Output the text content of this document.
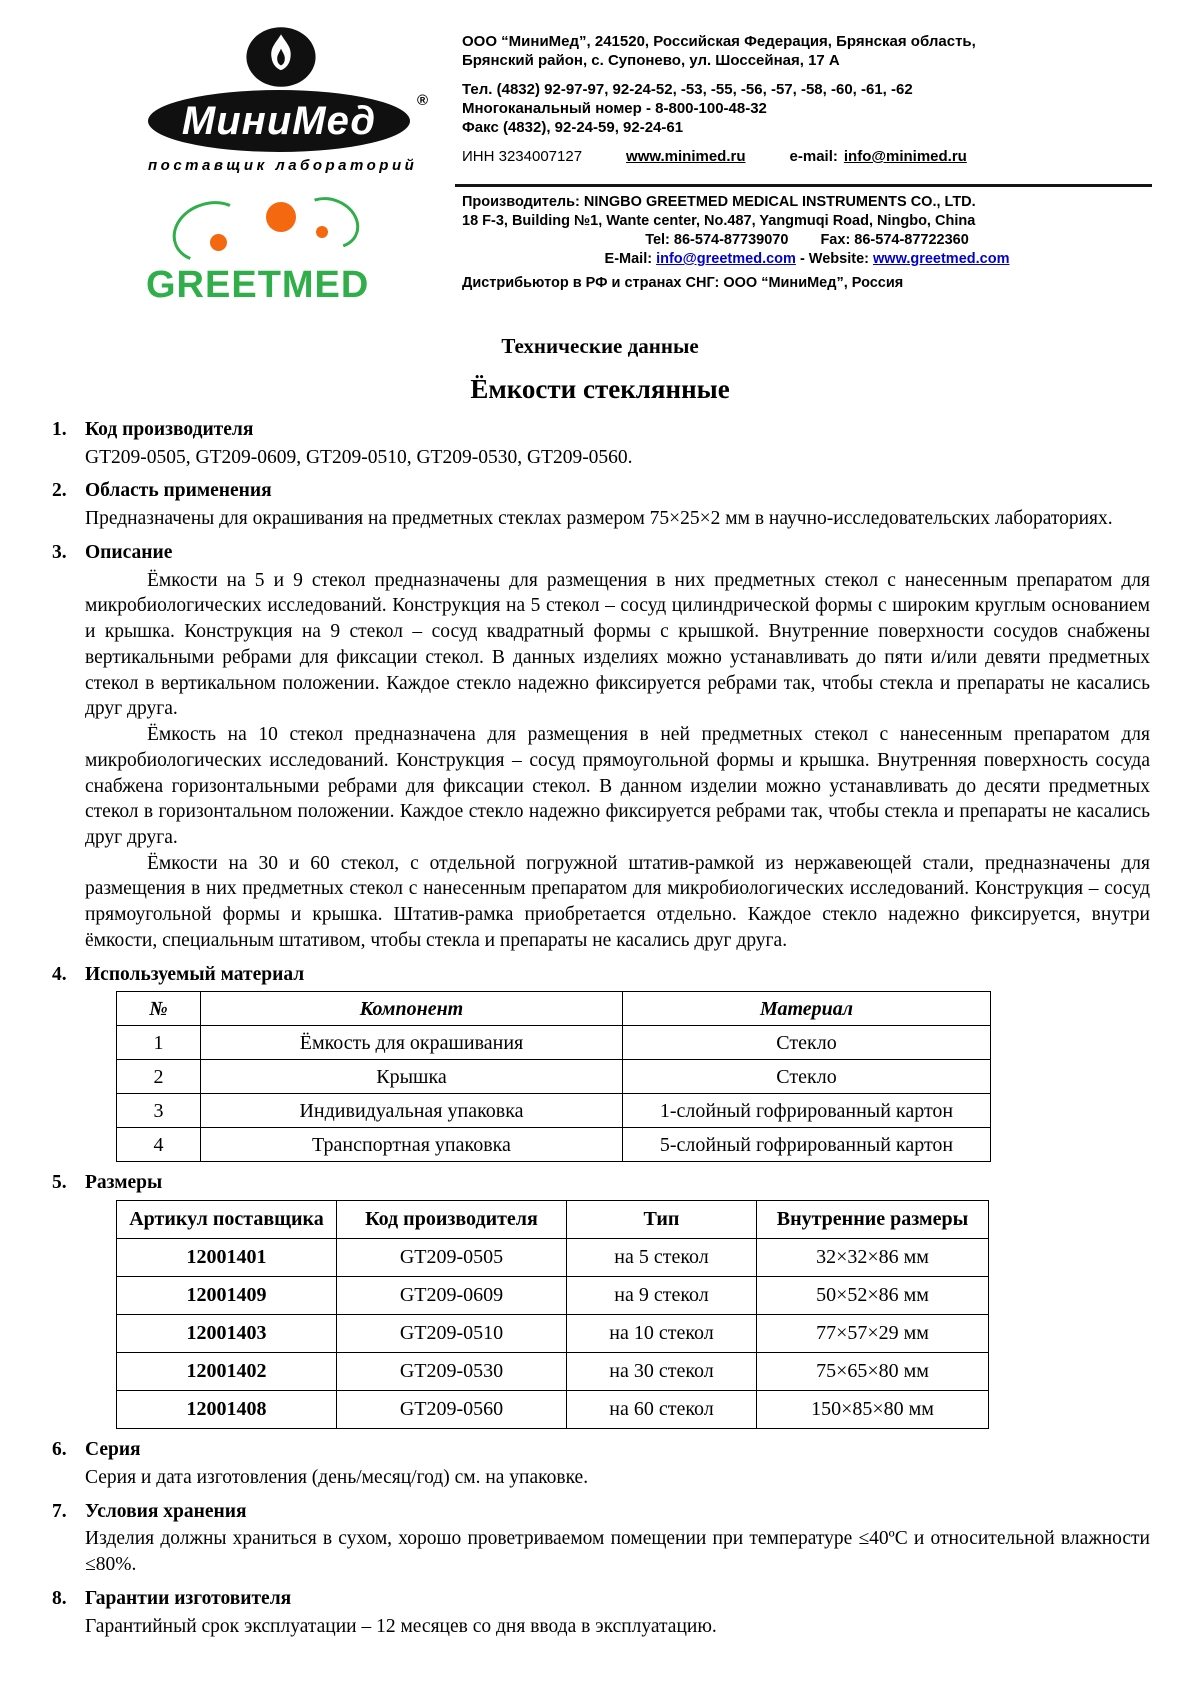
МиниМед	®
поставщик лабораторий

ООО “МиниМед”, 241520, Российская Федерация, Брянская область,

Брянский район, с. Супонево, ул. Шоссейная, 17 А

Тел. (4832) 92-97-97, 92-24-52, -53, -55, -56, -57, -58, -60, -61, -62

Многоканальный номер - 8-800-100-48-32

Факс (4832), 92-24-59, 92-24-61

ИНН 3234007127	www.minimed.ru	e-mail: info@minimed.ru
GREETMED

Производитель: NINGBO GREETMED MEDICAL INSTRUMENTS CO., LTD.

18 F-3, Building №1, Wante center, No.487, Yangmuqi Road, Ningbo, China

Tel: 86-574-87739070 Fax: 86-574-87722360

E-Mail: info@greetmed.com - Website: www.greetmed.com

Дистрибьютор в РФ и странах СНГ: ООО “МиниМед”, Россия

Технические данные
Ёмкости стеклянные
1. Код производителя

GT209-0505, GT209-0609, GT209-0510, GT209-0530, GT209-0560.

2. Область применения

Предназначены для окрашивания на предметных стеклах размером 75×25×2 мм в научно-исследовательских лабораториях.

3. Описание

Ёмкости на 5 и 9 стекол предназначены для размещения в них предметных стекол с нанесенным препаратом для микробиологических исследований. Конструкция на 5 стекол – сосуд цилиндрической формы с широким круглым основанием и крышка. Конструкция на 9 стекол – сосуд квадратный формы с крышкой. Внутренние поверхности сосудов снабжены вертикальными ребрами для фиксации стекол. В данных изделиях можно устанавливать до пяти и/или девяти предметных стекол в вертикальном положении. Каждое стекло надежно фиксируется ребрами так, чтобы стекла и препараты не касались друг друга.

Ёмкость на 10 стекол предназначена для размещения в ней предметных стекол с нанесенным препаратом для микробиологических исследований. Конструкция – сосуд прямоугольной формы и крышка. Внутренняя поверхность сосуда снабжена горизонтальными ребрами для фиксации стекол. В данном изделии можно устанавливать до десяти предметных стекол в горизонтальном положении. Каждое стекло надежно фиксируется ребрами так, чтобы стекла и препараты не касались друг друга.

Ёмкости на 30 и 60 стекол, с отдельной погружной штатив-рамкой из нержавеющей стали, предназначены для размещения в них предметных стекол с нанесенным препаратом для микробиологических исследований. Конструкция – сосуд прямоугольной формы и крышка. Штатив-рамка приобретается отдельно. Каждое стекло надежно фиксируется, внутри ёмкости, специальным штативом, чтобы стекла и препараты не касались друг друга.

4. Используемый материал
№	Компонент	Материал
1	Ёмкость для окрашивания	Стекло
2	Крышка	Стекло
3	Индивидуальная упаковка	1-слойный гофрированный картон
4	Транспортная упаковка	5-слойный гофрированный картон
5. Размеры
Артикул поставщика	Код производителя	Тип	Внутренние размеры
12001401	GT209-0505	на 5 стекол	32×32×86 мм
12001409	GT209-0609	на 9 стекол	50×52×86 мм
12001403	GT209-0510	на 10 стекол	77×57×29 мм
12001402	GT209-0530	на 30 стекол	75×65×80 мм
12001408	GT209-0560	на 60 стекол	150×85×80 мм
6. Серия

Серия и дата изготовления (день/месяц/год) см. на упаковке.

7. Условия хранения

Изделия должны храниться в сухом, хорошо проветриваемом помещении при температуре ≤40ºС и относительной влажности ≤80%.

8. Гарантии изготовителя

Гарантийный срок эксплуатации – 12 месяцев со дня ввода в эксплуатацию.
